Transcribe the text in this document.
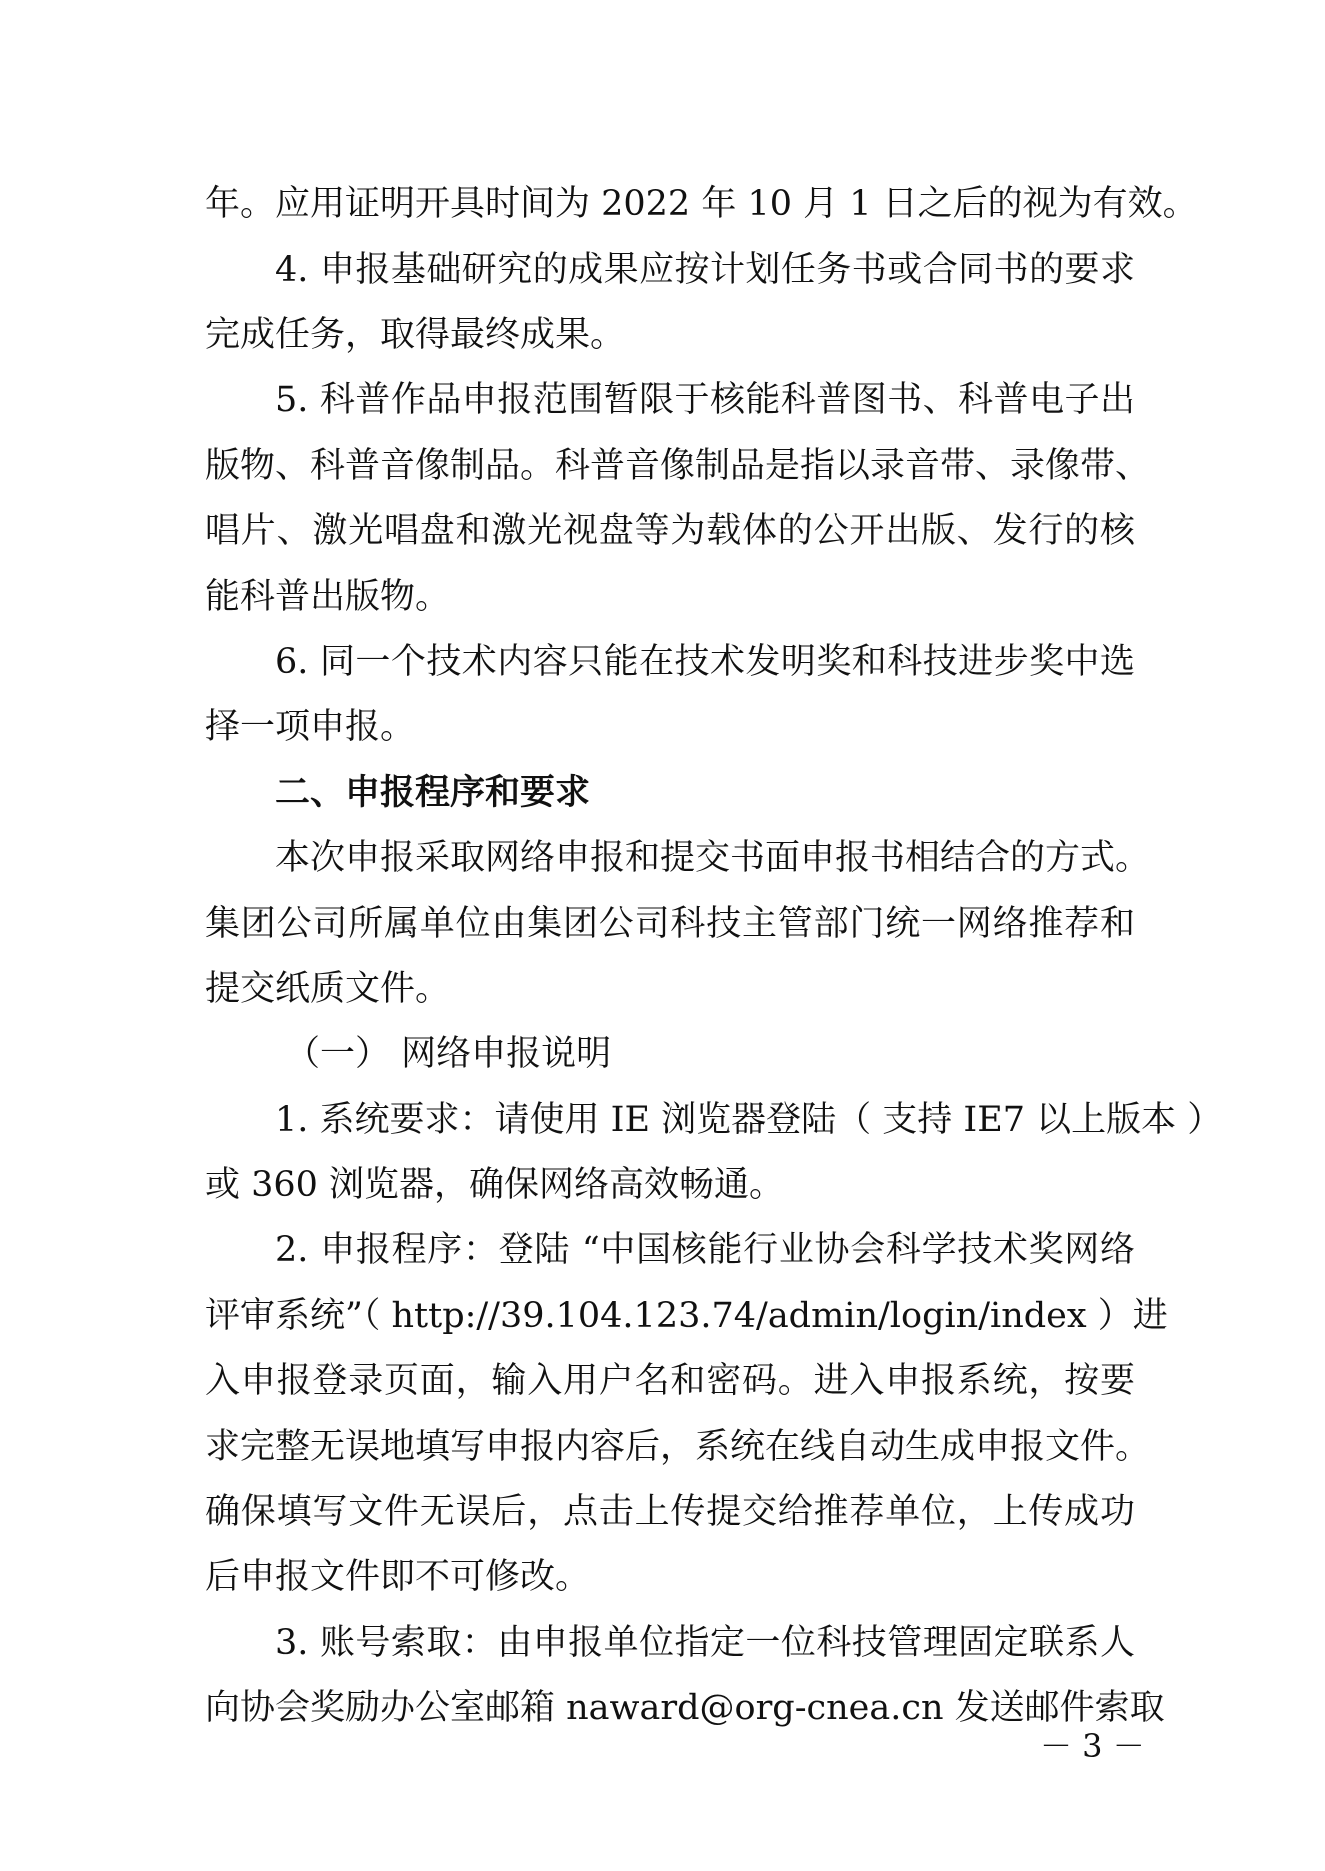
年。应用证明开具时间为 2022 年 10 月 1 日之后的视为有效。
4. 申报基础研究的成果应按计划任务书或合同书的要求
完成任务，取得最终成果。
5. 科普作品申报范围暂限于核能科普图书、科普电子出
版物、科普音像制品。科普音像制品是指以录音带、录像带、
唱片、激光唱盘和激光视盘等为载体的公开出版、发行的核
能科普出版物。
6. 同一个技术内容只能在技术发明奖和科技进步奖中选
择一项申报。
二、申报程序和要求
本次申报采取网络申报和提交书面申报书相结合的方式。
集团公司所属单位由集团公司科技主管部门统一网络推荐和
提交纸质文件。
（一） 网络申报说明
1. 系统要求：请使用 IE 浏览器登陆（ 支持 IE7 以上版本 ）
或 360 浏览器，确保网络高效畅通。
2. 申报程序：登陆 “中国核能行业协会科学技术奖网络
评审系统”（ http://39.104.123.74/admin/login/index ）进
入申报登录页面，输入用户名和密码。进入申报系统，按要
求完整无误地填写申报内容后，系统在线自动生成申报文件。
确保填写文件无误后，点击上传提交给推荐单位，上传成功
后申报文件即不可修改。
3. 账号索取：由申报单位指定一位科技管理固定联系人
向协会奖励办公室邮箱 naward@org-cnea.cn 发送邮件索取
－ 3 －
